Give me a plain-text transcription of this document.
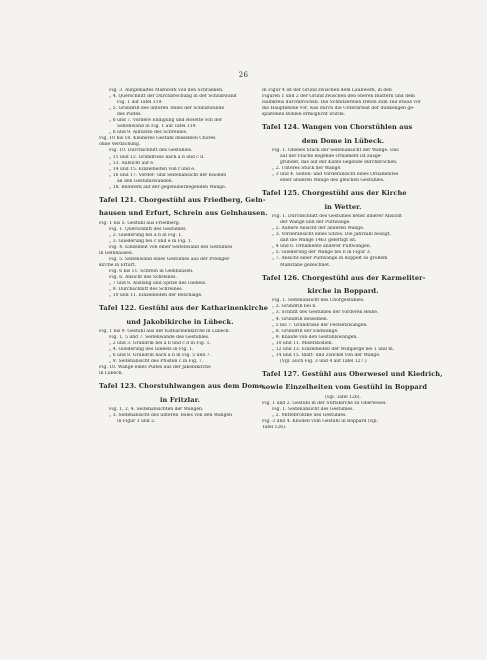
26
Fig. 3. Aufgemaltes Maßwerk von den Schranken.
„ 4. Querschnitt der Durchbrechung in der Schlußwand
Fig. 1 auf Tafel 119.
„ 5. Grundriß des unteren Teiles der Schlußwände
des Pultes.
„ 6 und 7. Vordere Endigung und Rosette von der
Seitenwand in Fig. 1 auf Tafel 119.
„ 8 und 9. Aufsätze des Schreines.
Fig. 10 bis 18. Kleineres Gestühl desselben Chores
ohne Verdachung.
Fig. 10. Durchschnitt des Gestühles.
„ 11 und 12. Grundrisse nach a b und c d.
„ 13. Aufsicht auf e.
„ 14 und 15. Einzelheiten von f und e.
„ 16 und 17. Vorder- und Seitenansicht der Knollen
an den Gestühlswänden.
„ 18. Bildwerk auf der gegenüberliegenden Wange.
Tafel 121. Chorgestühl aus Friedberg, Geln-
hausen und Erfurt, Schrein aus Gelnhausen.
Fig. 1 bis 5. Gestühl aus Friedberg.
Fig. 1. Querschnitt des Gestühles.
„ 2. Gliederung bei a b in Fig. 1.
„ 3. Gliederung bei c und e in Fig. 1.
Fig. 4. Einzelheit von einer Seitenwand des Gestühles
in Gelnhausen.
Fig. 5. Seitenwand eines Gestühles aus der Prediger-
kirche in Erfurt.
Fig. 6 bis 11. Schrein in Gelnhausen.
Fig. 6. Ansicht des Schreines.
„ 7 und 8. Ausfang und Spitze des Giebels.
„ 9. Durchschnitt des Schreines.
„ 10 und 11. Einzelheiten der Beschläge.
Tafel 122. Gestühl aus der Katharinenkirche
und Jakobikirche in Lübeck.
Fig. 1 bis 9. Gestühl aus der Katharinenkirche in Lübeck.
Fig. 1, 5 und 7. Seitenwände des Gestühles.
„ 2 und 3. Grundriß bei a b und c d in Fig. 1.
„ 4. Gliederung des Giebels in Fig. 1.
„ 6 und 8. Grundriß nach a b in Fig. 5 und 7.
„ 9. Seitenansicht des Pfosten c in Fig. 7.
Fig. 10. Wange eines Pultes aus der Jakobikirche
in Lübeck.
Tafel 123. Chorstuhlwangen aus dem Dome
in Fritzlar.
Fig. 1, 2, 4. Seitenansichten der Wangen.
„ 3. Seitenansicht des unteren Teiles von den Wangen
in Figur 1 und 2.
In Figur 4 ist der Grund zwischen dem Laubwerk, in den
Figuren 1 und 2 der Grund zwischen den oberen Blättern und dem
Halbkreis durchbrochen. Die Schnitzereien treten zum Teil etwas vor
die Hauptebene vor, was durch die Unterarbeit der dunkeligen ge-
spaltenen Bohlen ermöglicht wurde.
Tafel 124. Wangen von Chorstühlen aus
dem Dome in Lübeck.
Fig. 1. Obenes Stück der Seitenansicht der Wange. Das
auf der Fläche liegende Ornament ist ausge-
gründet, das auf der Kante liegende durchbrochen.
„ 2. Unteres Stück der Wange.
„ 3 und 4. Seiten- und Vorderansicht eines Ornamentes
einer anderen Wange des gleichen Gestühles.
Tafel 125. Chorgestühl aus der Kirche
in Wetter.
Fig. 1. Durchschnitt des Gestühles nebst innerer Ansicht
der Wange und der Pultwange.
„ 2. Äußere Ansicht der anderen Wange.
„ 3. Vorderansicht eines Sitzes. Die Jahrzahl besagt,
daß die Wange 1463 gefertigt ist.
„ 4 und 6. Ornamente anderer Pultwangen.
„ 5. Gliederung der Wange bei b in Figur 3.
„ 7. Ansicht einer Pultwange in doppelt so großem
Maßstabe gezeichnet.
Tafel 126. Chorgestühl aus der Karmeliter-
kirche in Boppard.
Fig. 1. Seitenansicht des Chorgestühles.
„ 2. Grundriß bei b.
„ 3. Schnitt des Gestühles der vorderen Reihe.
„ 4. Grundriß desselben.
„ 5 bis 7. Grundrisse der Festsetzwangen.
„ 8. Grundriß der Endwange.
„ 9. Knaufe von den Gestühlswangen.
„ 10 und 11. Miserikodien.
„ 12 und 13. Einzelheiten der Wimperge bei 1 und m.
„ 14 und 15. Blatt- und Zwickel von der Wange.
(Vgl. auch Fig. 3 und 4 auf Tafel 127.)
Tafel 127. Gestühl aus Oberwesel und Kiedrich,
sowie Einzelheiten vom Gestühl in Boppard
(vgl. Tafel 126).
Fig. 1 und 2. Gestühl in der Stiftskirche zu Oberwesel.
Fig. 1. Seitenansicht des Gestühles.
„ 2. Mittelfrontbe des Gestühles.
Fig. 3 und 4. Knollen vom Gestühl in Boppard (vgl.
Tafel 126).
